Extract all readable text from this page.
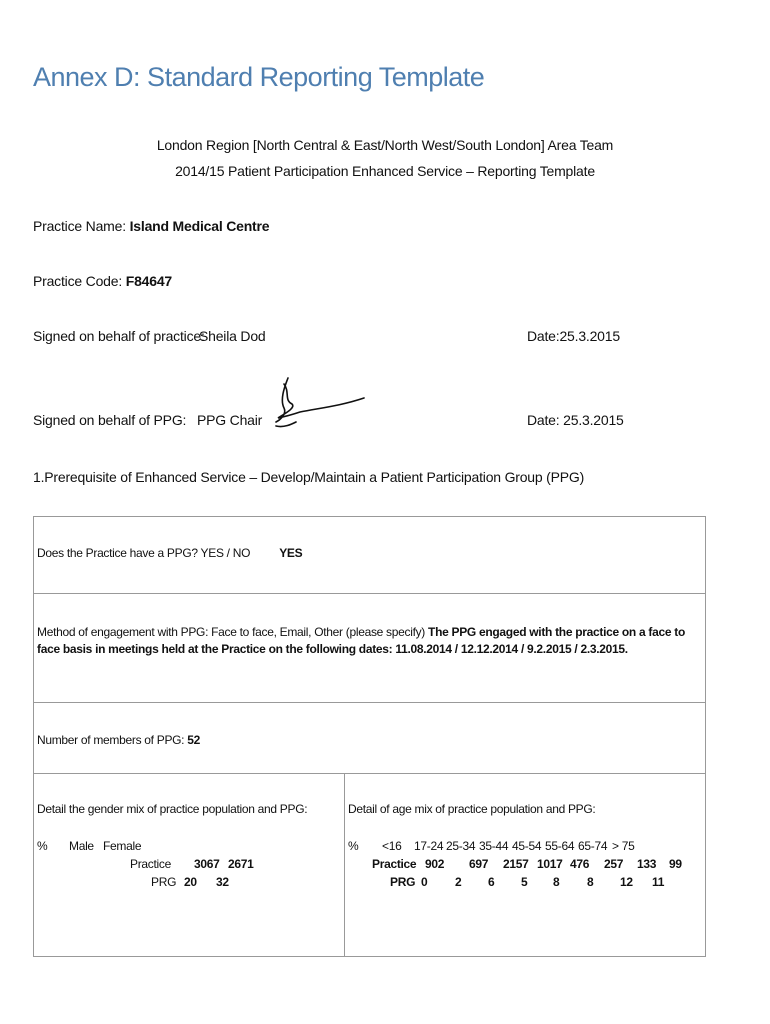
Annex D: Standard Reporting Template
London Region [North Central & East/North West/South London] Area Team
2014/15 Patient Participation Enhanced Service – Reporting Template
Practice Name: Island Medical Centre
Practice Code: F84647
Signed on behalf of practice:
Sheila Dod	Date:25.3.2015
Signed on behalf of PPG: PPG Chair	Date: 25.3.2015
1.Prerequisite of Enhanced Service – Develop/Maintain a Patient Participation Group (PPG)
Does the Practice have a PPG? YES / NO YES
Method of engagement with PPG: Face to face, Email, Other (please specify) The PPG engaged with the practice on a face to face basis in meetings held at the Practice on the following dates: 11.08.2014 / 12.12.2014 / 9.2.2015 / 2.3.2015.
Number of members of PPG: 52
Detail the gender mix of practice population and PPG:
% Male Female
Practice 3067 2671
PRG 20 32
Detail of age mix of practice population and PPG:
% <16 17-24 25-34 35-44 45-54 55-64 65-74 > 75
Practice 902 697 2157 1017 476 257 133 99
PRG 0 2 6 5 8 8 12 11
